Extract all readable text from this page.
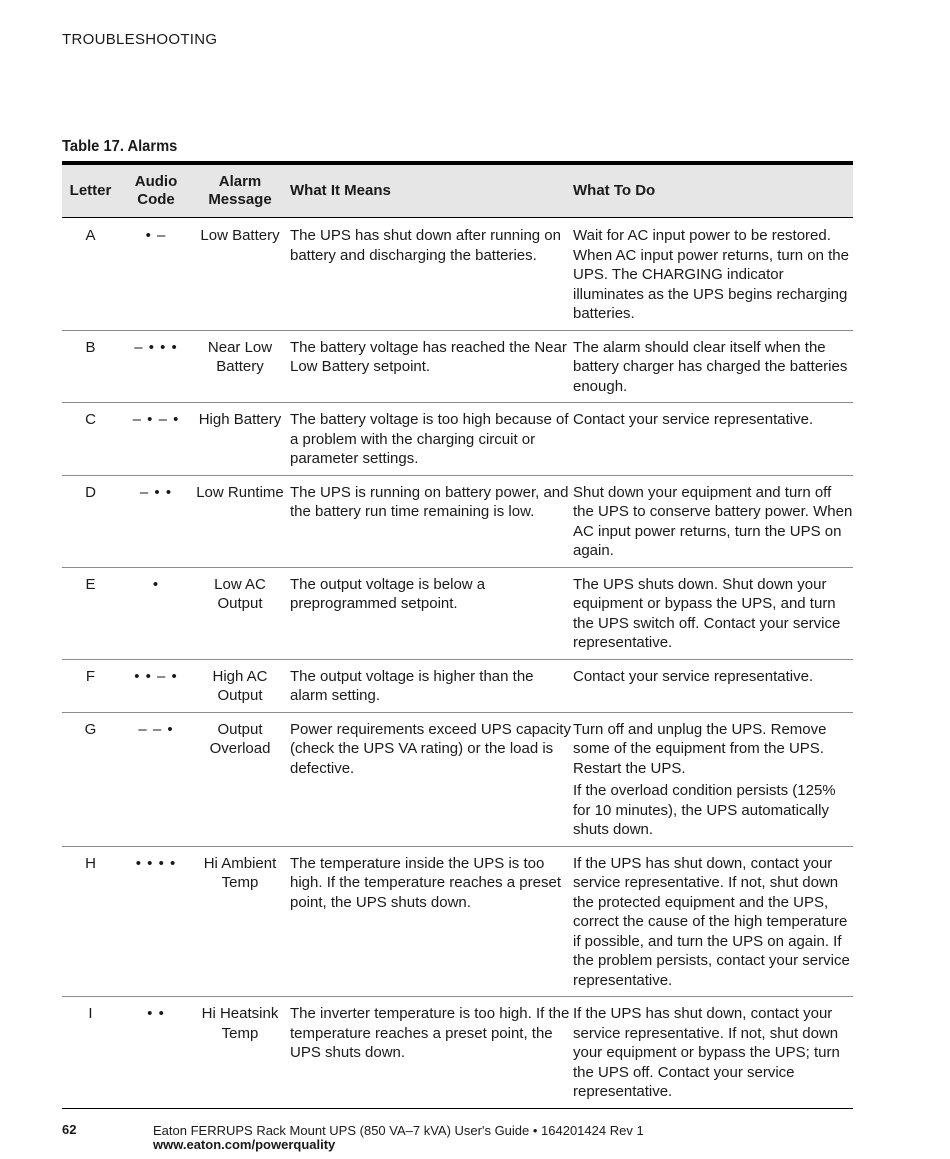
TROUBLESHOOTING
Table 17. Alarms
Letter	Audio Code	Alarm Message	What It Means	What To Do
A	• –	Low Battery	The UPS has shut down after running on battery and discharging the batteries.	Wait for AC input power to be restored. When AC input power returns, turn on the UPS. The CHARGING indicator illuminates as the UPS begins recharging batteries.

B	– • • •	Near Low Battery	The battery voltage has reached the Near Low Battery setpoint.	The alarm should clear itself when the battery charger has charged the batteries enough.

C	– • – •	High Battery	The battery voltage is too high because of a problem with the charging circuit or parameter settings.	Contact your service representative.

D	– • •	Low Runtime	The UPS is running on battery power, and the battery run time remaining is low.	Shut down your equipment and turn off the UPS to conserve battery power. When AC input power returns, turn the UPS on again.

E	•	Low AC Output	The output voltage is below a preprogrammed setpoint.	The UPS shuts down. Shut down your equipment or bypass the UPS, and turn the UPS switch off. Contact your service representative.

F	• • – •	High AC Output	The output voltage is higher than the alarm setting.	Contact your service representative.

G	– – •	Output Overload	Power requirements exceed UPS capacity (check the UPS VA rating) or the load is defective.	Turn off and unplug the UPS. Remove some of the equipment from the UPS. Restart the UPS.
If the overload condition persists (125% for 10 minutes), the UPS automatically shuts down.

H	• • • •	Hi Ambient Temp	The temperature inside the UPS is too high. If the temperature reaches a preset point, the UPS shuts down.	If the UPS has shut down, contact your service representative. If not, shut down the protected equipment and the UPS, correct the cause of the high temperature if possible, and turn the UPS on again. If the problem persists, contact your service representative.

I	• •	Hi Heatsink Temp	The inverter temperature is too high. If the temperature reaches a preset point, the UPS shuts down.	If the UPS has shut down, contact your service representative. If not, shut down your equipment or bypass the UPS; turn the UPS off. Contact your service representative.
62	Eaton FERRUPS Rack Mount UPS (850 VA–7 kVA) User's Guide • 164201424 Rev 1
www.eaton.com/powerquality
